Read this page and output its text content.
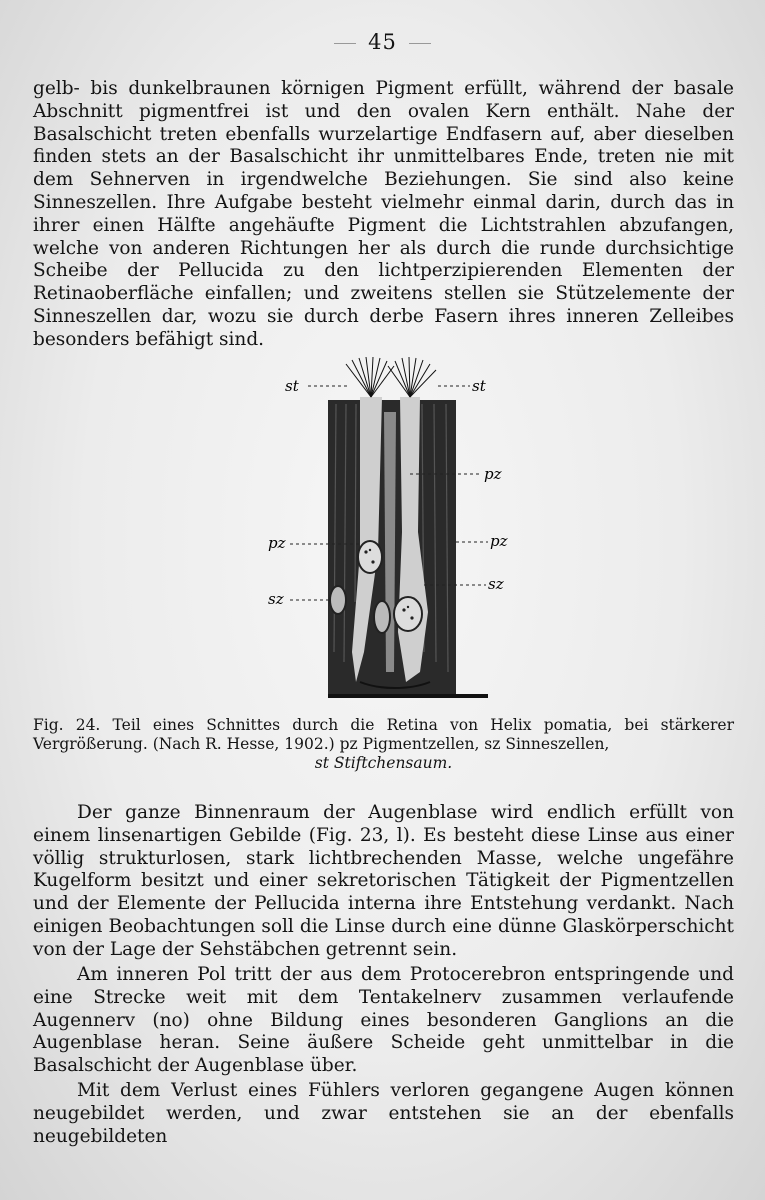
45

gelb- bis dunkelbraunen körnigen Pigment erfüllt, während der basale Abschnitt pigmentfrei ist und den ovalen Kern enthält. Nahe der Basalschicht treten ebenfalls wurzelartige Endfasern auf, aber dieselben finden stets an der Basalschicht ihr unmittelbares Ende, treten nie mit dem Sehnerven in irgendwelche Beziehungen. Sie sind also keine Sinneszellen. Ihre Aufgabe besteht vielmehr einmal darin, durch das in ihrer einen Hälfte angehäufte Pigment die Lichtstrahlen abzufangen, welche von anderen Richtungen her als durch die runde durchsichtige Scheibe der Pellucida zu den lichtperzipierenden Elementen der Retinaoberfläche einfallen; und zweitens stellen sie Stützelemente der Sinneszellen dar, wozu sie durch derbe Fasern ihres inneren Zelleibes besonders befähigt sind.

st	st
pz
pz	pz
sz
sz
Fig. 24. Teil eines Schnittes durch die Retina von Helix pomatia, bei stärkerer Vergrößerung. (Nach R. Hesse, 1902.) pz Pigmentzellen, sz Sinneszellen,
st Stiftchensaum.

Der ganze Binnenraum der Augenblase wird endlich erfüllt von einem linsenartigen Gebilde (Fig. 23, l). Es besteht diese Linse aus einer völlig strukturlosen, stark lichtbrechenden Masse, welche ungefähre Kugelform besitzt und einer sekretorischen Tätigkeit der Pigmentzellen und der Elemente der Pellucida interna ihre Entstehung verdankt. Nach einigen Beobachtungen soll die Linse durch eine dünne Glaskörperschicht von der Lage der Sehstäbchen getrennt sein.

Am inneren Pol tritt der aus dem Protocerebron entspringende und eine Strecke weit mit dem Tentakelnerv zusammen verlaufende Augennerv (no) ohne Bildung eines besonderen Ganglions an die Augenblase heran. Seine äußere Scheide geht unmittelbar in die Basalschicht der Augenblase über.

Mit dem Verlust eines Fühlers verloren gegangene Augen können neugebildet werden, und zwar entstehen sie an der ebenfalls neugebildeten
